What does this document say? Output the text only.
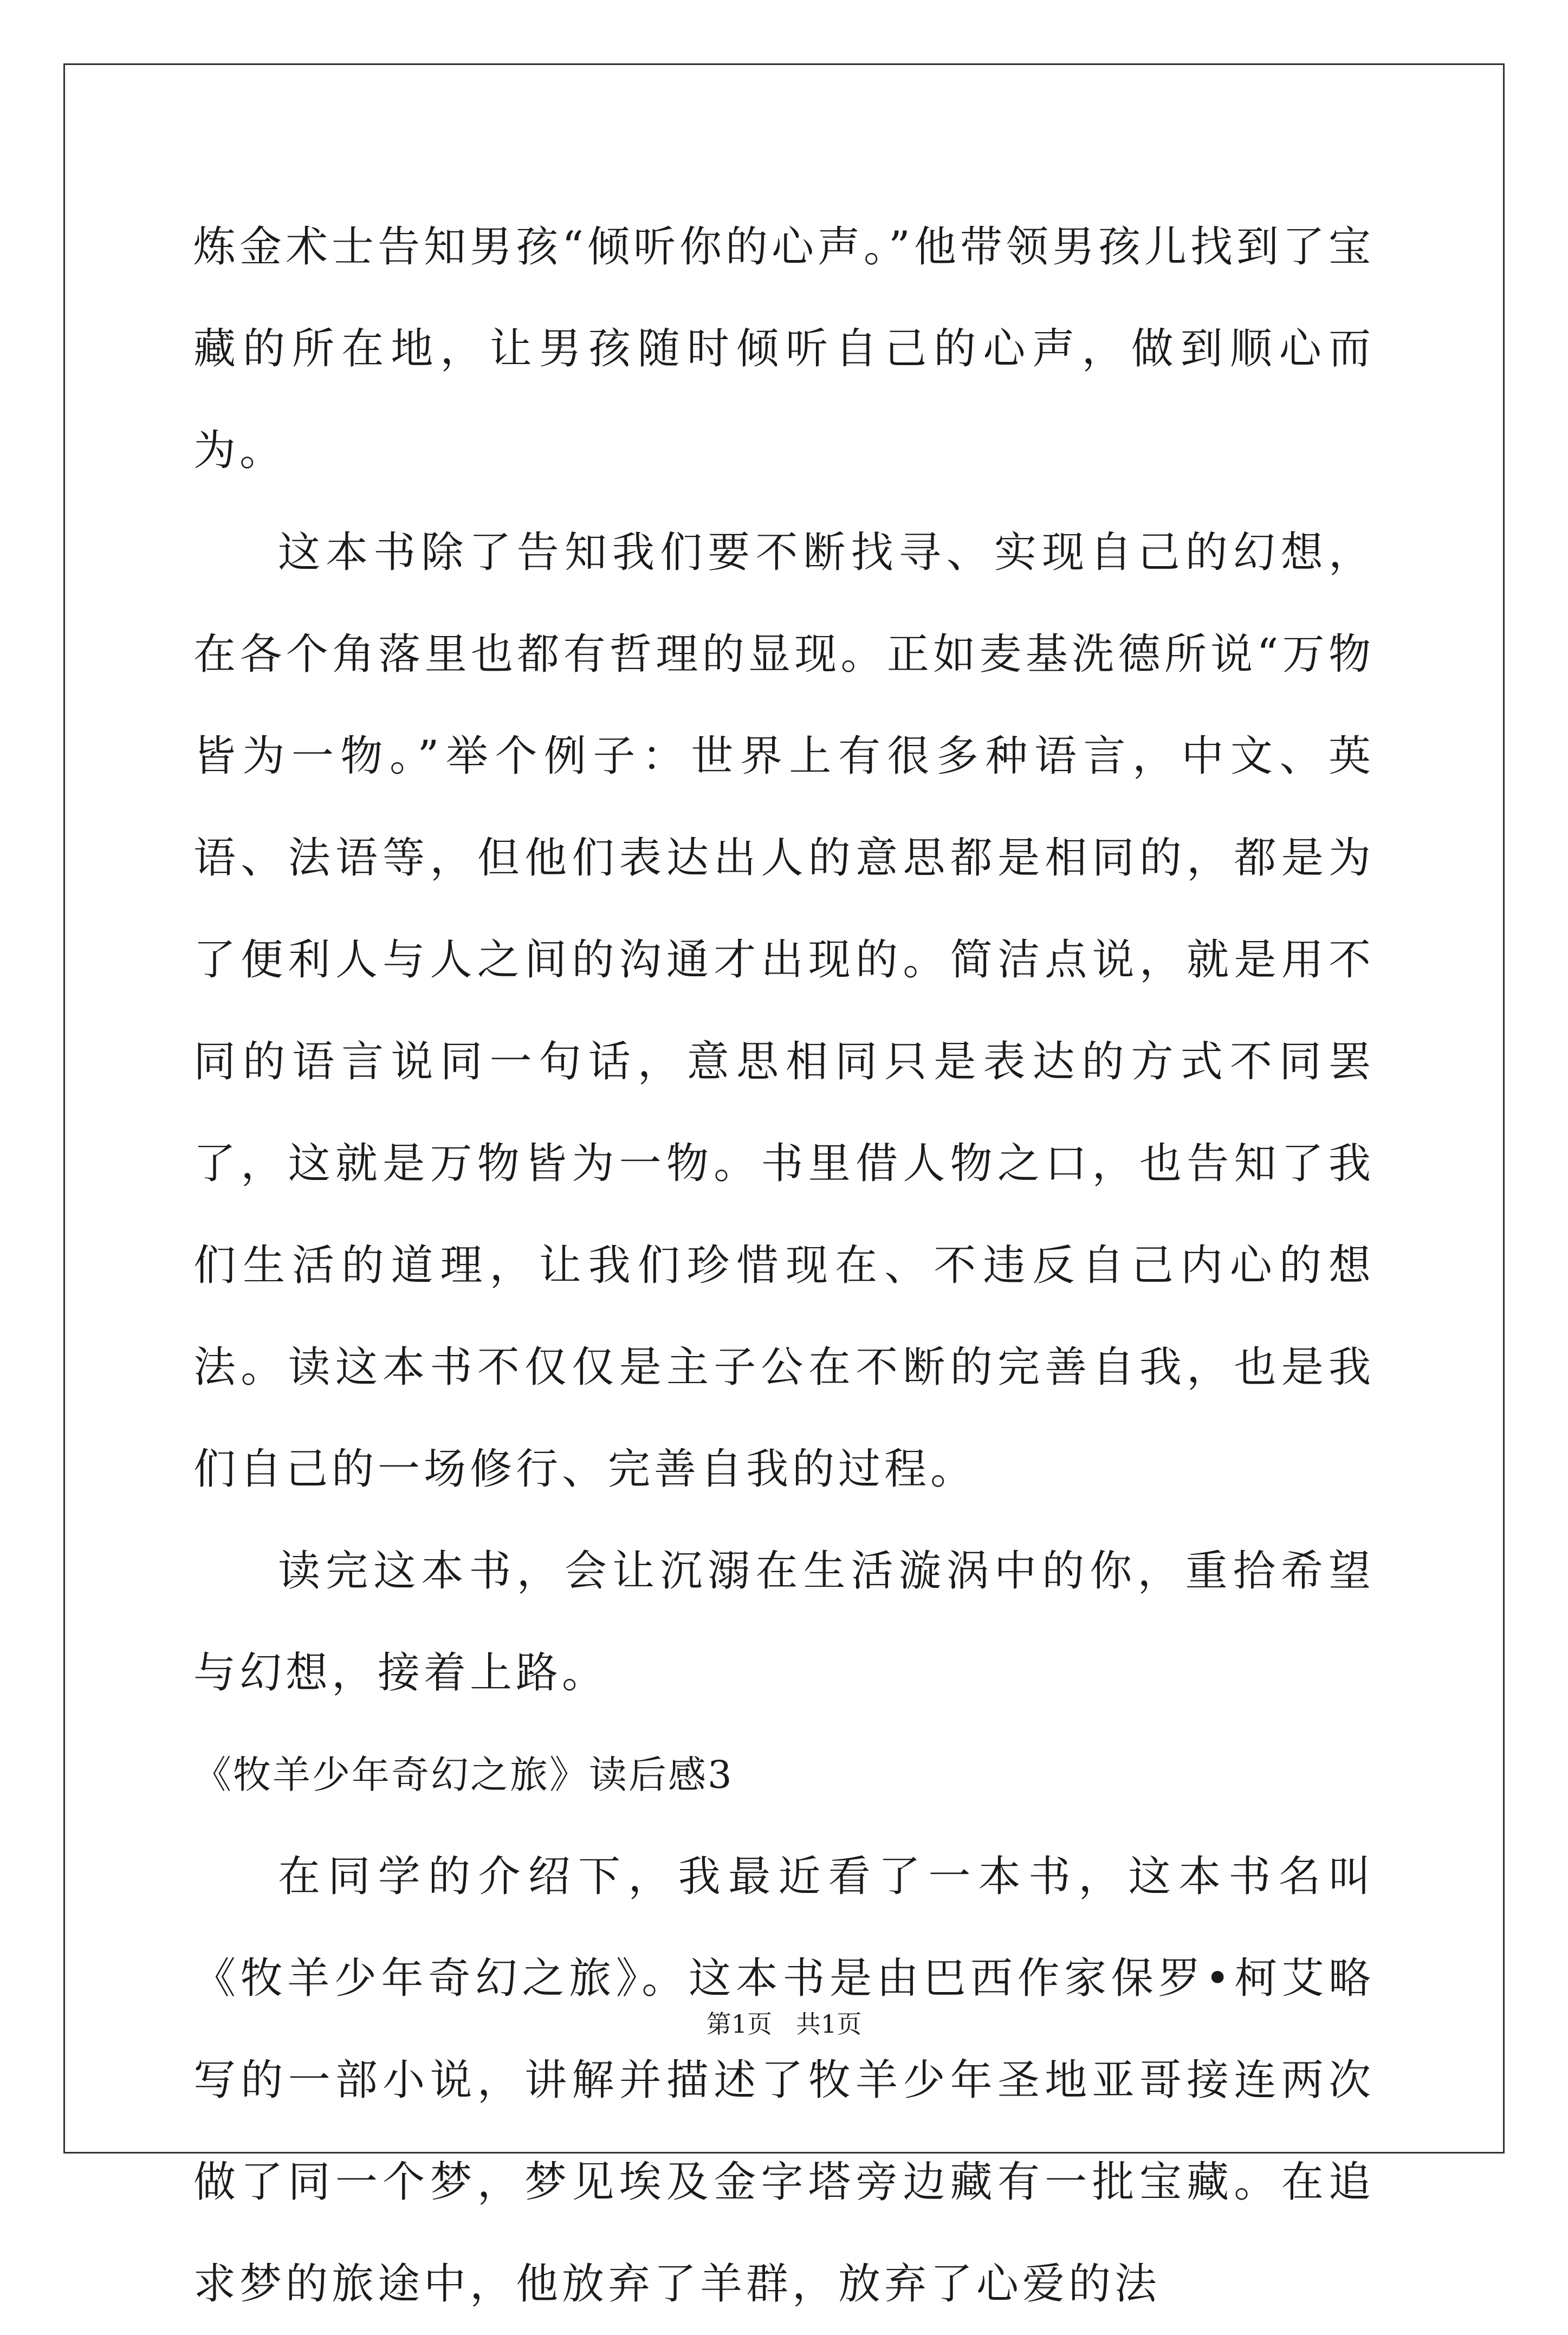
炼金术士告知男孩“倾听你的心声。”他带领男孩儿找到了宝藏的所在地，让男孩随时倾听自己的心声，做到顺心而为。

这本书除了告知我们要不断找寻、实现自己的幻想，在各个角落里也都有哲理的显现。正如麦基洗德所说“万物皆为一物。”举个例子：世界上有很多种语言，中文、英语、法语等，但他们表达出人的意思都是相同的，都是为了便利人与人之间的沟通才出现的。简洁点说，就是用不同的语言说同一句话，意思相同只是表达的方式不同罢了，这就是万物皆为一物。书里借人物之口，也告知了我们生活的道理，让我们珍惜现在、不违反自己内心的想法。读这本书不仅仅是主子公在不断的完善自我，也是我们自己的一场修行、完善自我的过程。

读完这本书，会让沉溺在生活漩涡中的你，重拾希望与幻想，接着上路。

《牧羊少年奇幻之旅》读后感3

在同学的介绍下，我最近看了一本书，这本书名叫《牧羊少年奇幻之旅》。这本书是由巴西作家保罗•柯艾略写的一部小说，讲解并描述了牧羊少年圣地亚哥接连两次做了同一个梦，梦见埃及金字塔旁边藏有一批宝藏。在追求梦的旅途中，他放弃了羊群，放弃了心爱的法

第1页 共1页
